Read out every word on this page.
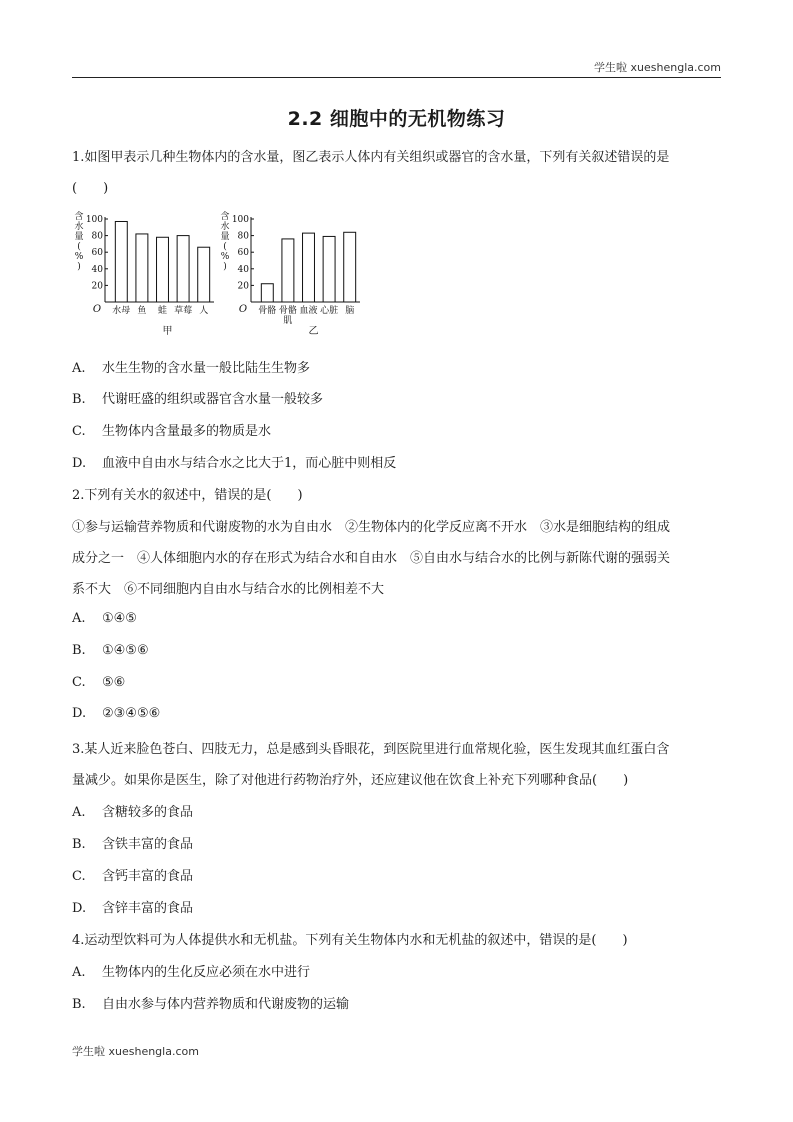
学生啦 xueshengla.com
2.2 细胞中的无机物练习
1.如图甲表示几种生物体内的含水量，图乙表示人体内有关组织或器官的含水量，下列有关叙述错误的是
(　　)
含
水
量
(
%
)
20
40
60
80
100
O 水母 鱼 蛙 草莓 人
甲
含
水
量
(
%
)
20
40
60
80
100
O 骨骼 骨骼
肌
血液 心脏 脑
乙
A. 水生生物的含水量一般比陆生生物多
B. 代谢旺盛的组织或器官含水量一般较多
C. 生物体内含量最多的物质是水
D. 血液中自由水与结合水之比大于1，而心脏中则相反
2.下列有关水的叙述中，错误的是(　　)
①参与运输营养物质和代谢废物的水为自由水　②生物体内的化学反应离不开水　③水是细胞结构的组成
成分之一　④人体细胞内水的存在形式为结合水和自由水　⑤自由水与结合水的比例与新陈代谢的强弱关
系不大　⑥不同细胞内自由水与结合水的比例相差不大
A. ①④⑤
B. ①④⑤⑥
C. ⑤⑥
D. ②③④⑤⑥
3.某人近来脸色苍白、四肢无力，总是感到头昏眼花，到医院里进行血常规化验，医生发现其血红蛋白含
量减少。如果你是医生，除了对他进行药物治疗外，还应建议他在饮食上补充下列哪种食品(　　)
A. 含糖较多的食品
B. 含铁丰富的食品
C. 含钙丰富的食品
D. 含锌丰富的食品
4.运动型饮料可为人体提供水和无机盐。下列有关生物体内水和无机盐的叙述中，错误的是(　　)
A. 生物体内的生化反应必须在水中进行
B. 自由水参与体内营养物质和代谢废物的运输
学生啦 xueshengla.com
